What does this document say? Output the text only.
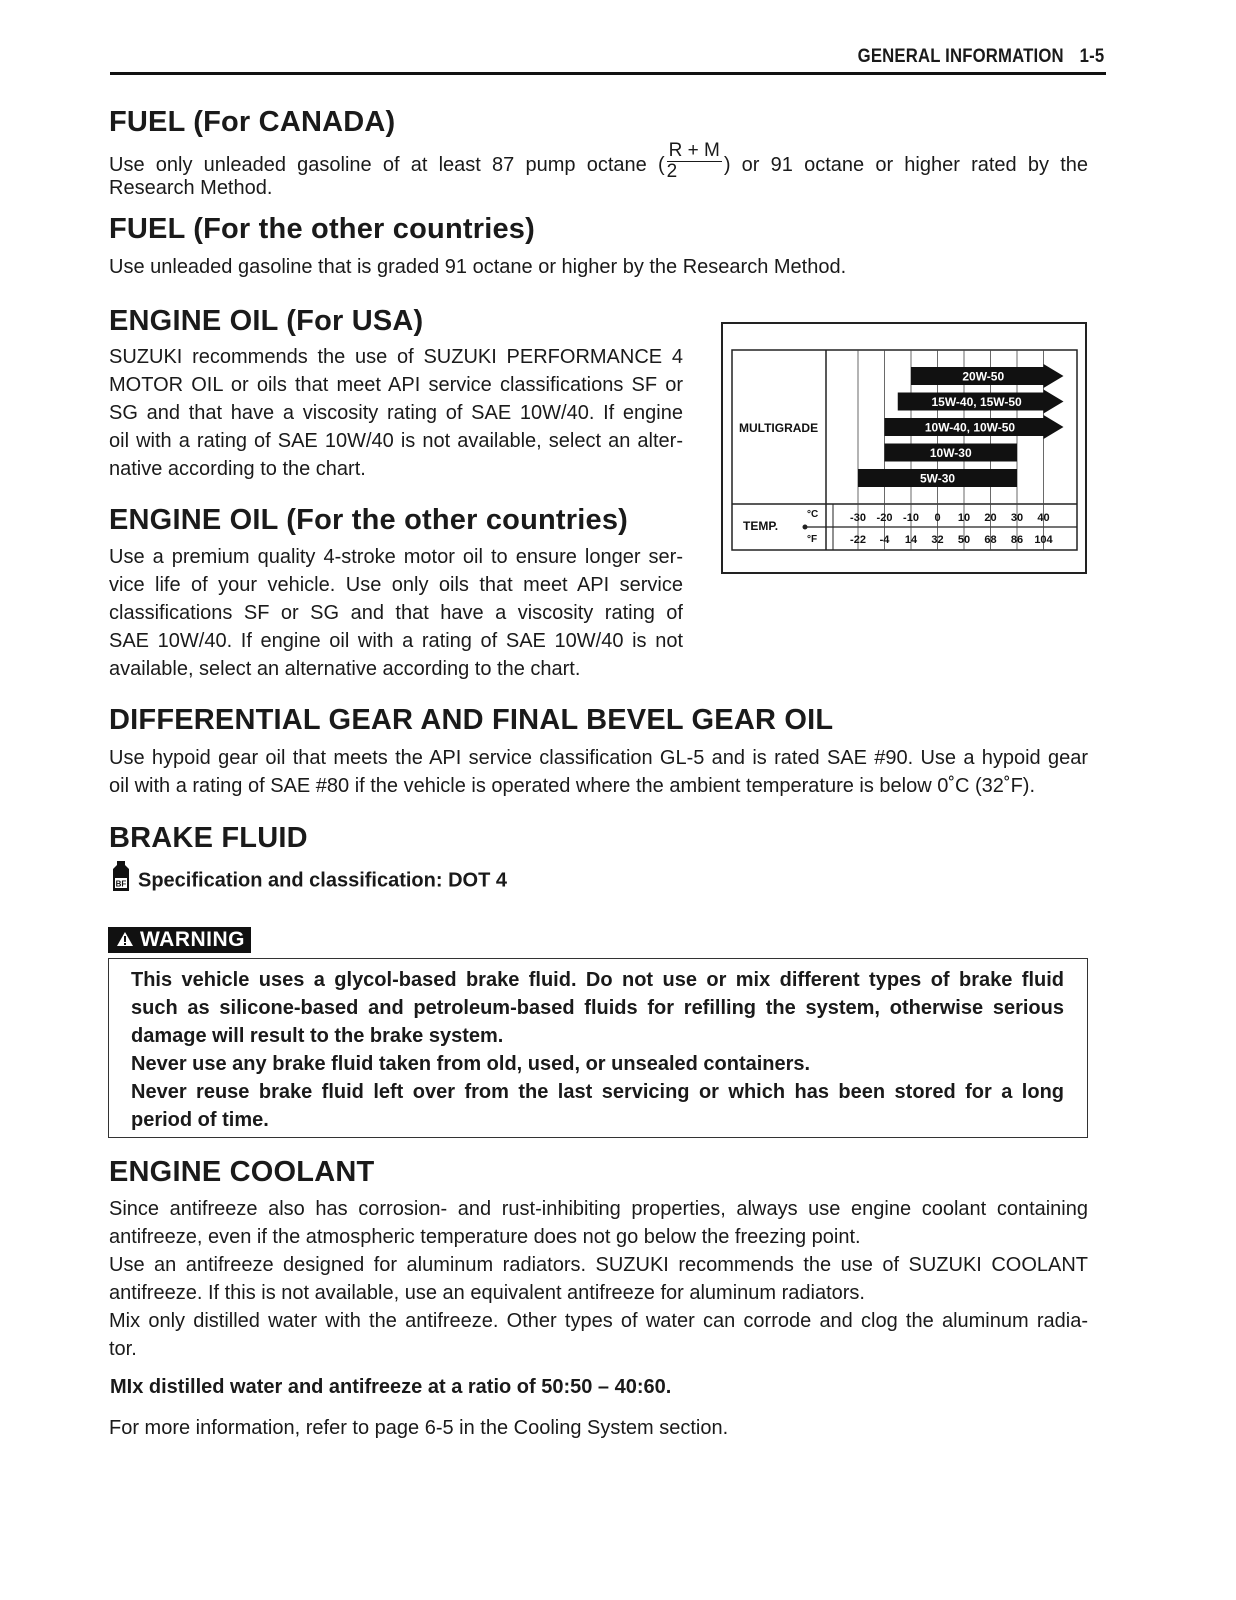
GENERAL INFORMATION 1-5
FUEL (For CANADA)

Use only unleaded gasoline of at least 87 pump octane ( $\frac{R + M}{2}$ ) or 91 octane or higher rated by the

Research Method.

FUEL (For the other countries)

Use unleaded gasoline that is graded 91 octane or higher by the Research Method.

ENGINE OIL (For USA)

SUZUKI recommends the use of SUZUKI PERFORMANCE 4

MOTOR OIL or oils that meet API service classifications SF or

SG and that have a viscosity rating of SAE 10W/40. If engine

oil with a rating of SAE 10W/40 is not available, select an alter-

native according to the chart.

ENGINE OIL (For the other countries)

Use a premium quality 4-stroke motor oil to ensure longer ser-

vice life of your vehicle. Use only oils that meet API service

classifications SF or SG and that have a viscosity rating of

SAE 10W/40. If engine oil with a rating of SAE 10W/40 is not

available, select an alternative according to the chart.

MULTIGRADE
TEMP.
°C
°F
-30 -20 -10 0 10 20 30 40
-22 -4 14 32 50 68 86 104
20W-50
15W-40, 15W-50
10W-40, 10W-50
10W-30
5W-30
DIFFERENTIAL GEAR AND FINAL BEVEL GEAR OIL

Use hypoid gear oil that meets the API service classification GL-5 and is rated SAE #90. Use a hypoid gear

oil with a rating of SAE #80 if the vehicle is operated where the ambient temperature is below 0˚C (32˚F).

BRAKE FLUID
BF Specification and classification: DOT 4
WARNING

This vehicle uses a glycol-based brake fluid. Do not use or mix different types of brake fluid
such as silicone-based and petroleum-based fluids for refilling the system, otherwise serious
damage will result to the brake system.
Never use any brake fluid taken from old, used, or unsealed containers.
Never reuse brake fluid left over from the last servicing or which has been stored for a long
period of time.

ENGINE COOLANT

Since antifreeze also has corrosion- and rust-inhibiting properties, always use engine coolant containing

antifreeze, even if the atmospheric temperature does not go below the freezing point.

Use an antifreeze designed for aluminum radiators. SUZUKI recommends the use of SUZUKI COOLANT

antifreeze. If this is not available, use an equivalent antifreeze for aluminum radiators.

Mix only distilled water with the antifreeze. Other types of water can corrode and clog the aluminum radia-

tor.

MIx distilled water and antifreeze at a ratio of 50:50 – 40:60.

For more information, refer to page 6-5 in the Cooling System section.
